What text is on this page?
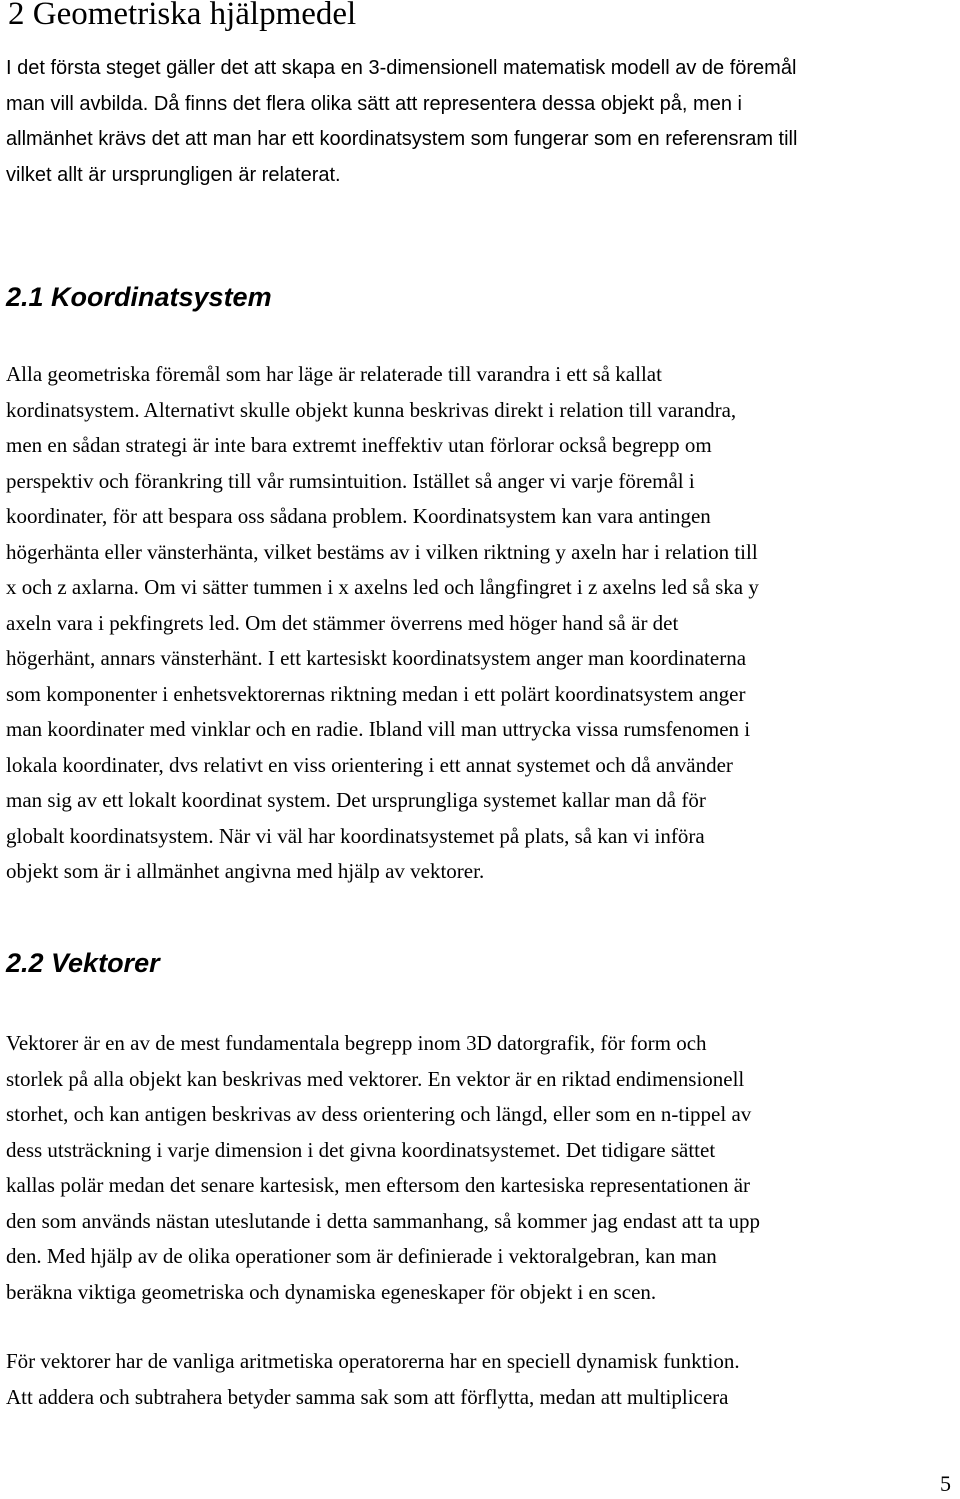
2 Geometriska hjälpmedel
I det första steget gäller det att skapa en 3-dimensionell matematisk modell av de föremål
man vill avbilda. Då finns det flera olika sätt att representera dessa objekt på, men i
allmänhet krävs det att man har ett koordinatsystem som fungerar som en referensram till
vilket allt är ursprungligen är relaterat.
2.1 Koordinatsystem
Alla geometriska föremål som har läge är relaterade till varandra i ett så kallat
kordinatsystem. Alternativt skulle objekt kunna beskrivas direkt i relation till varandra,
men en sådan strategi är inte bara extremt ineffektiv utan förlorar också begrepp om
perspektiv och förankring till vår rumsintuition. Istället så anger vi varje föremål i
koordinater, för att bespara oss sådana problem. Koordinatsystem kan vara antingen
högerhänta eller vänsterhänta, vilket bestäms av i vilken riktning y axeln har i relation till
x och z axlarna. Om vi sätter tummen i x axelns led och långfingret i z axelns led så ska y
axeln vara i pekfingrets led. Om det stämmer överrens med höger hand så är det
högerhänt, annars vänsterhänt. I ett kartesiskt koordinatsystem anger man koordinaterna
som komponenter i enhetsvektorernas riktning medan i ett polärt koordinatsystem anger
man koordinater med vinklar och en radie. Ibland vill man uttrycka vissa rumsfenomen i
lokala koordinater, dvs relativt en viss orientering i ett annat systemet och då använder
man sig av ett lokalt koordinat system. Det ursprungliga systemet kallar man då för
globalt koordinatsystem. När vi väl har koordinatsystemet på plats, så kan vi införa
objekt som är i allmänhet angivna med hjälp av vektorer.
2.2 Vektorer
Vektorer är en av de mest fundamentala begrepp inom 3D datorgrafik, för form och
storlek på alla objekt kan beskrivas med vektorer. En vektor är en riktad endimensionell
storhet, och kan antigen beskrivas av dess orientering och längd, eller som en n-tippel av
dess utsträckning i varje dimension i det givna koordinatsystemet. Det tidigare sättet
kallas polär medan det senare kartesisk, men eftersom den kartesiska representationen är
den som används nästan uteslutande i detta sammanhang, så kommer jag endast att ta upp
den. Med hjälp av de olika operationer som är definierade i vektoralgebran, kan man
beräkna viktiga geometriska och dynamiska egeneskaper för objekt i en scen.
För vektorer har de vanliga aritmetiska operatorerna har en speciell dynamisk funktion.
Att addera och subtrahera betyder samma sak som att förflytta, medan att multiplicera
5
